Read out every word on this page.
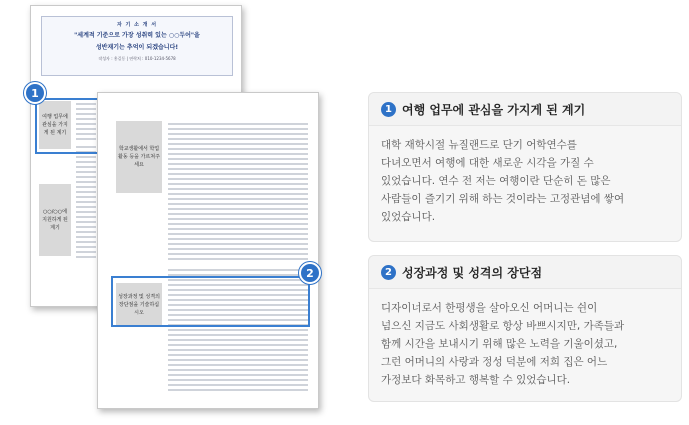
자 기 소 개 서
"세계적 기준으로 가장 성취력 있는 ○○두어"을
성반재기는 추억이 되겠습니다!
작성자 : 홍길동 | 연락처 : 010-1234-5678
여행 업무에 관심을 가지게 된 계기
○○/○○에 지원하게 된 계기
1
학교생활에서 학업활동 등을 가르쳐주세요
성장과정 및 성격의 장단점을 기술하십시오
2
1 여행 업무에 관심을 가지게 된 계기
대학 재학시절 뉴질랜드로 단기 어학연수를
다녀오면서 여행에 대한 새로운 시각을 가질 수
있었습니다. 연수 전 저는 여행이란 단순히 돈 많은
사람들이 즐기기 위해 하는 것이라는 고정관념에 쌓여
있었습니다.
2 성장과정 및 성격의 장단점
디자이너로서 한평생을 살아오신 어머니는 쉰이
넘으신 지금도 사회생활로 항상 바쁘시지만, 가족들과
함께 시간을 보내시기 위해 많은 노력을 기울이셨고,
그런 어머니의 사랑과 정성 덕분에 저희 집은 어느
가정보다 화목하고 행복할 수 있었습니다.
